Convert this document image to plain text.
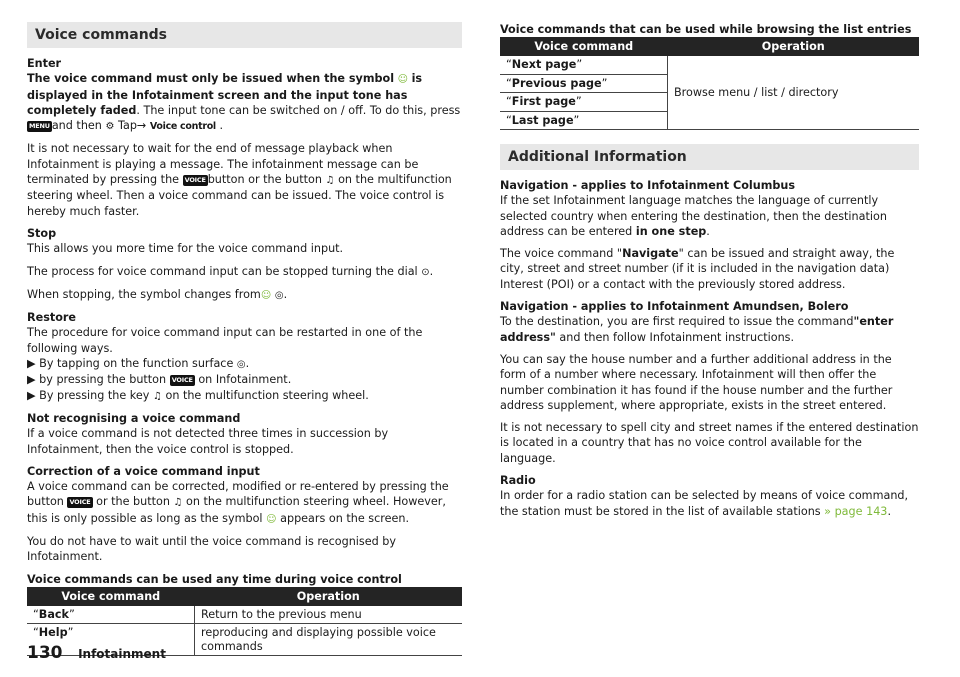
Voice commands

Enter
The voice command must only be issued when the symbol ☺ is displayed in the Infotainment screen and the input tone has completely faded. The input tone can be switched on / off. To do this, press MENU and then ⚙ Tap→ Voice control .

It is not necessary to wait for the end of message playback when Infotainment is playing a message. The infotainment message can be terminated by pressing the VOICE button or the button ♫ on the multifunction steering wheel. Then a voice command can be issued. The voice control is hereby much faster.

Stop
This allows you more time for the voice command input.

The process for voice command input can be stopped turning the dial ⊙.

When stopping, the symbol changes from☺ ◎.

Restore
The procedure for voice command input can be restarted in one of the following ways.

▶ By tapping on the function surface ◎.
▶ by pressing the button VOICE on Infotainment.
▶ By pressing the key ♫ on the multifunction steering wheel.

Not recognising a voice command
If a voice command is not detected three times in succession by Infotainment, then the voice control is stopped.

Correction of a voice command input
A voice command can be corrected, modified or re-entered by pressing the button VOICE or the button ♫ on the multifunction steering wheel. However, this is only possible as long as the symbol ☺ appears on the screen.

You do not have to wait until the voice command is recognised by Infotainment.

Voice commands can be used any time during voice control
Voice command	Operation
“Back”	Return to the previous menu
“Help”	reproducing and displaying possible voice commands
Voice commands that can be used while browsing the list entries
Voice command	Operation
“Next page”	Browse menu / list / directory
“Previous page”	
“First page”	
“Last page”	
Additional Information

Navigation - applies to Infotainment Columbus
If the set Infotainment language matches the language of currently selected country when entering the destination, then the destination address can be entered in one step.

The voice command "Navigate" can be issued and straight away, the city, street and street number (if it is included in the navigation data) Interest (POI) or a contact with the previously stored address.

Navigation - applies to Infotainment Amundsen, Bolero
To the destination, you are first required to issue the command"enter address" and then follow Infotainment instructions.

You can say the house number and a further additional address in the form of a number where necessary. Infotainment will then offer the number combination it has found if the house number and the further address supplement, where appropriate, exists in the street entered.

It is not necessary to spell city and street names if the entered destination is located in a country that has no voice control available for the language.

Radio
In order for a radio station can be selected by means of voice command, the station must be stored in the list of available stations » page 143.

130 Infotainment
